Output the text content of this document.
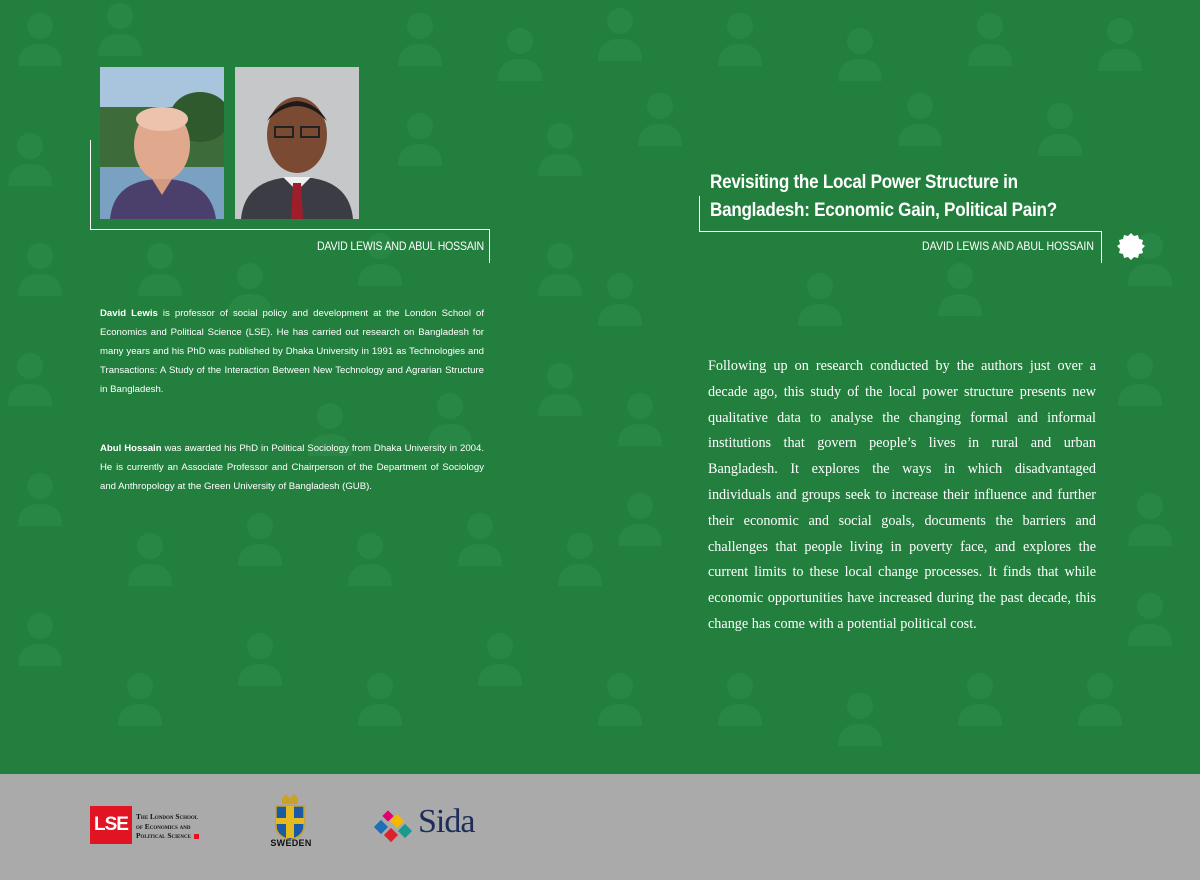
DAVID LEWIS AND ABUL HOSSAIN
David Lewis is professor of social policy and development at the London School of Economics and Political Science (LSE). He has carried out research on Bangladesh for many years and his PhD was published by Dhaka University in 1991 as Technologies and Transactions: A Study of the Interaction Between New Technology and Agrarian Structure in Bangladesh.
Abul Hossain was awarded his PhD in Political Sociology from Dhaka University in 2004. He is currently an Associate Professor and Chairperson of the Department of Sociology and Anthropology at the Green University of Bangladesh (GUB).
Revisiting the Local Power Structure in
Bangladesh: Economic Gain, Political Pain?
DAVID LEWIS AND ABUL HOSSAIN
Following up on research conducted by the authors just over a decade ago, this study of the local power structure presents new qualitative data to analyse the changing formal and informal institutions that govern people’s lives in rural and urban Bangladesh. It explores the ways in which disadvantaged individuals and groups seek to increase their influence and further their economic and social goals, documents the barriers and challenges that people living in poverty face, and explores the current limits to these local change processes. It finds that while economic opportunities have increased during the past decade, this change has come with a potential political cost.
LSE	The London School
of Economics and
Political Science
SWEDEN
Sida
